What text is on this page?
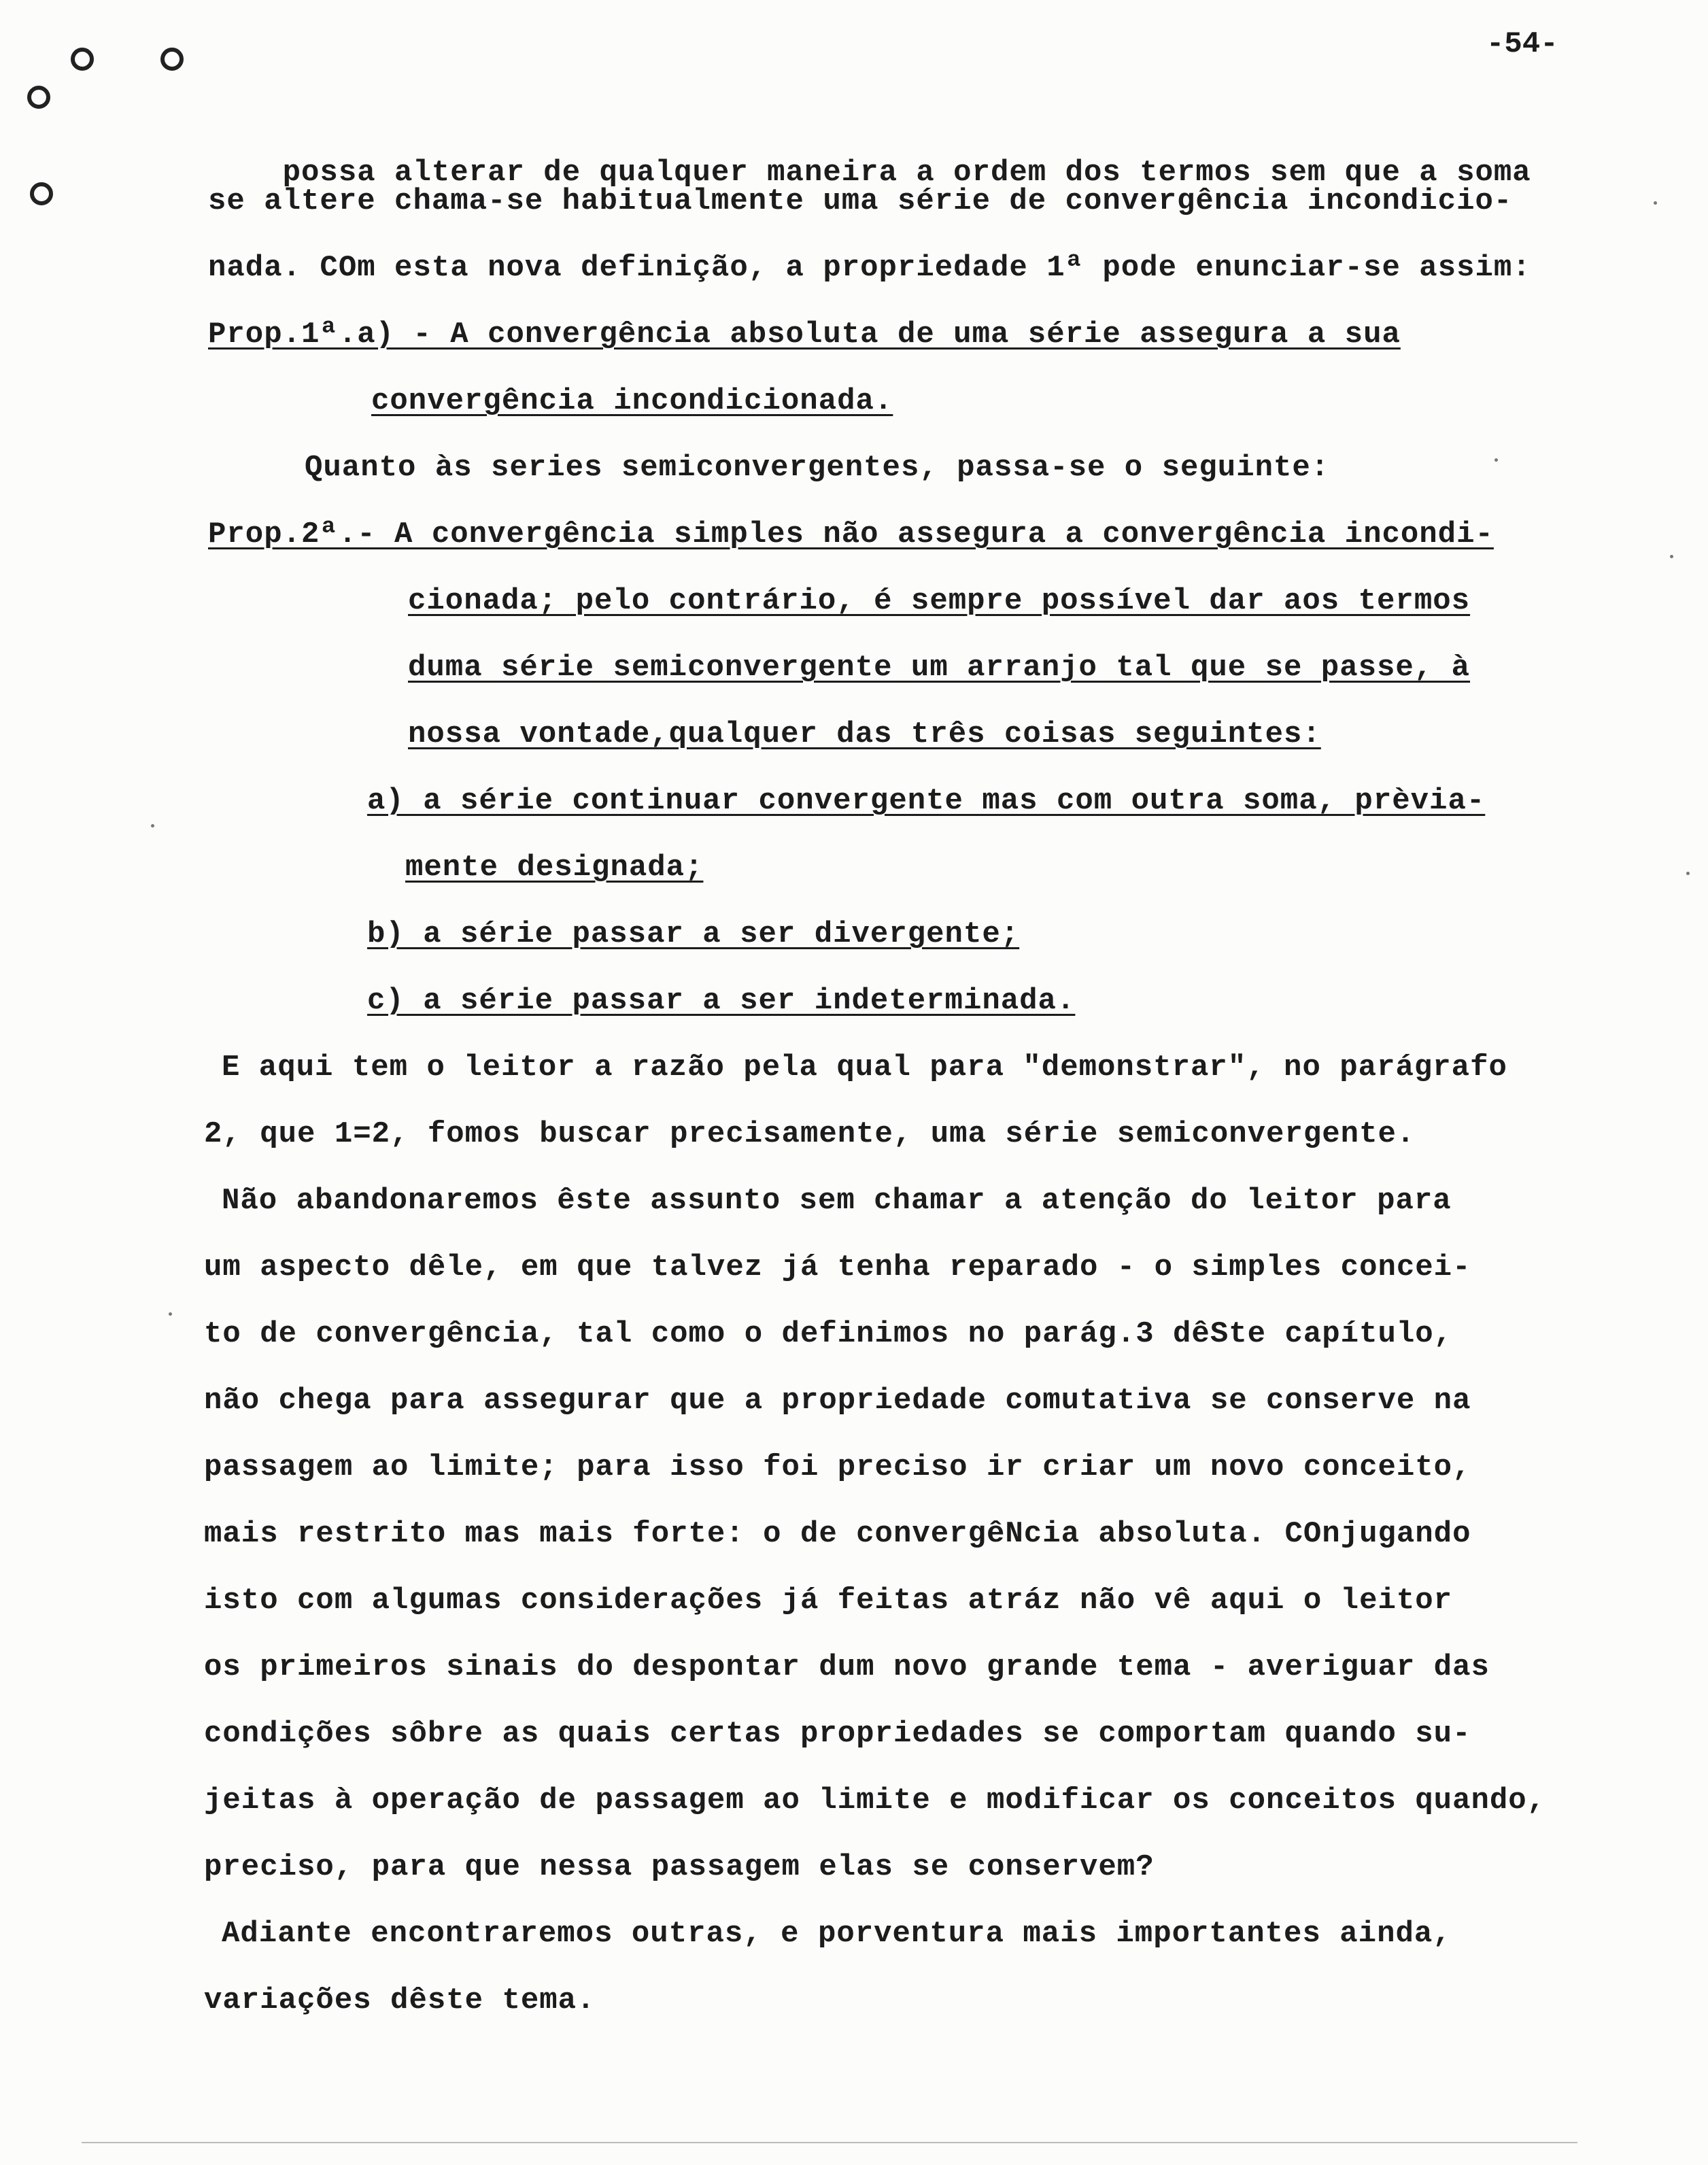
-54-

possa alterar de qualquer maneira a ordem dos termos sem que a soma

se altere chama-se habitualmente uma série de convergência incondicio-
nada. COm esta nova definição, a propriedade 1ª pode enunciar-se assim:
Prop.1ª.a) - A convergência absoluta de uma série assegura a sua
convergência incondicionada.
Quanto às series semiconvergentes, passa-se o seguinte:
Prop.2ª.- A convergência simples não assegura a convergência incondi-
cionada; pelo contrário, é sempre possível dar aos termos
duma série semiconvergente um arranjo tal que se passe, à
nossa vontade,qualquer das três coisas seguintes:
a) a série continuar convergente mas com outra soma, prèvia-
mente designada;
b) a série passar a ser divergente;
c) a série passar a ser indeterminada.
E aqui tem o leitor a razão pela qual para "demonstrar", no parágrafo
2, que 1=2, fomos buscar precisamente, uma série semiconvergente.
Não abandonaremos êste assunto sem chamar a atenção do leitor para
um aspecto dêle, em que talvez já tenha reparado - o simples concei-
to de convergência, tal como o definimos no parág.3 dêSte capítulo,
não chega para assegurar que a propriedade comutativa se conserve na
passagem ao limite; para isso foi preciso ir criar um novo conceito,
mais restrito mas mais forte: o de convergêNcia absoluta. COnjugando
isto com algumas considerações já feitas atráz não vê aqui o leitor
os primeiros sinais do despontar dum novo grande tema - averiguar das
condições sôbre as quais certas propriedades se comportam quando su-
jeitas à operação de passagem ao limite e modificar os conceitos quando,
preciso, para que nessa passagem elas se conservem?
Adiante encontraremos outras, e porventura mais importantes ainda,
variações dêste tema.
